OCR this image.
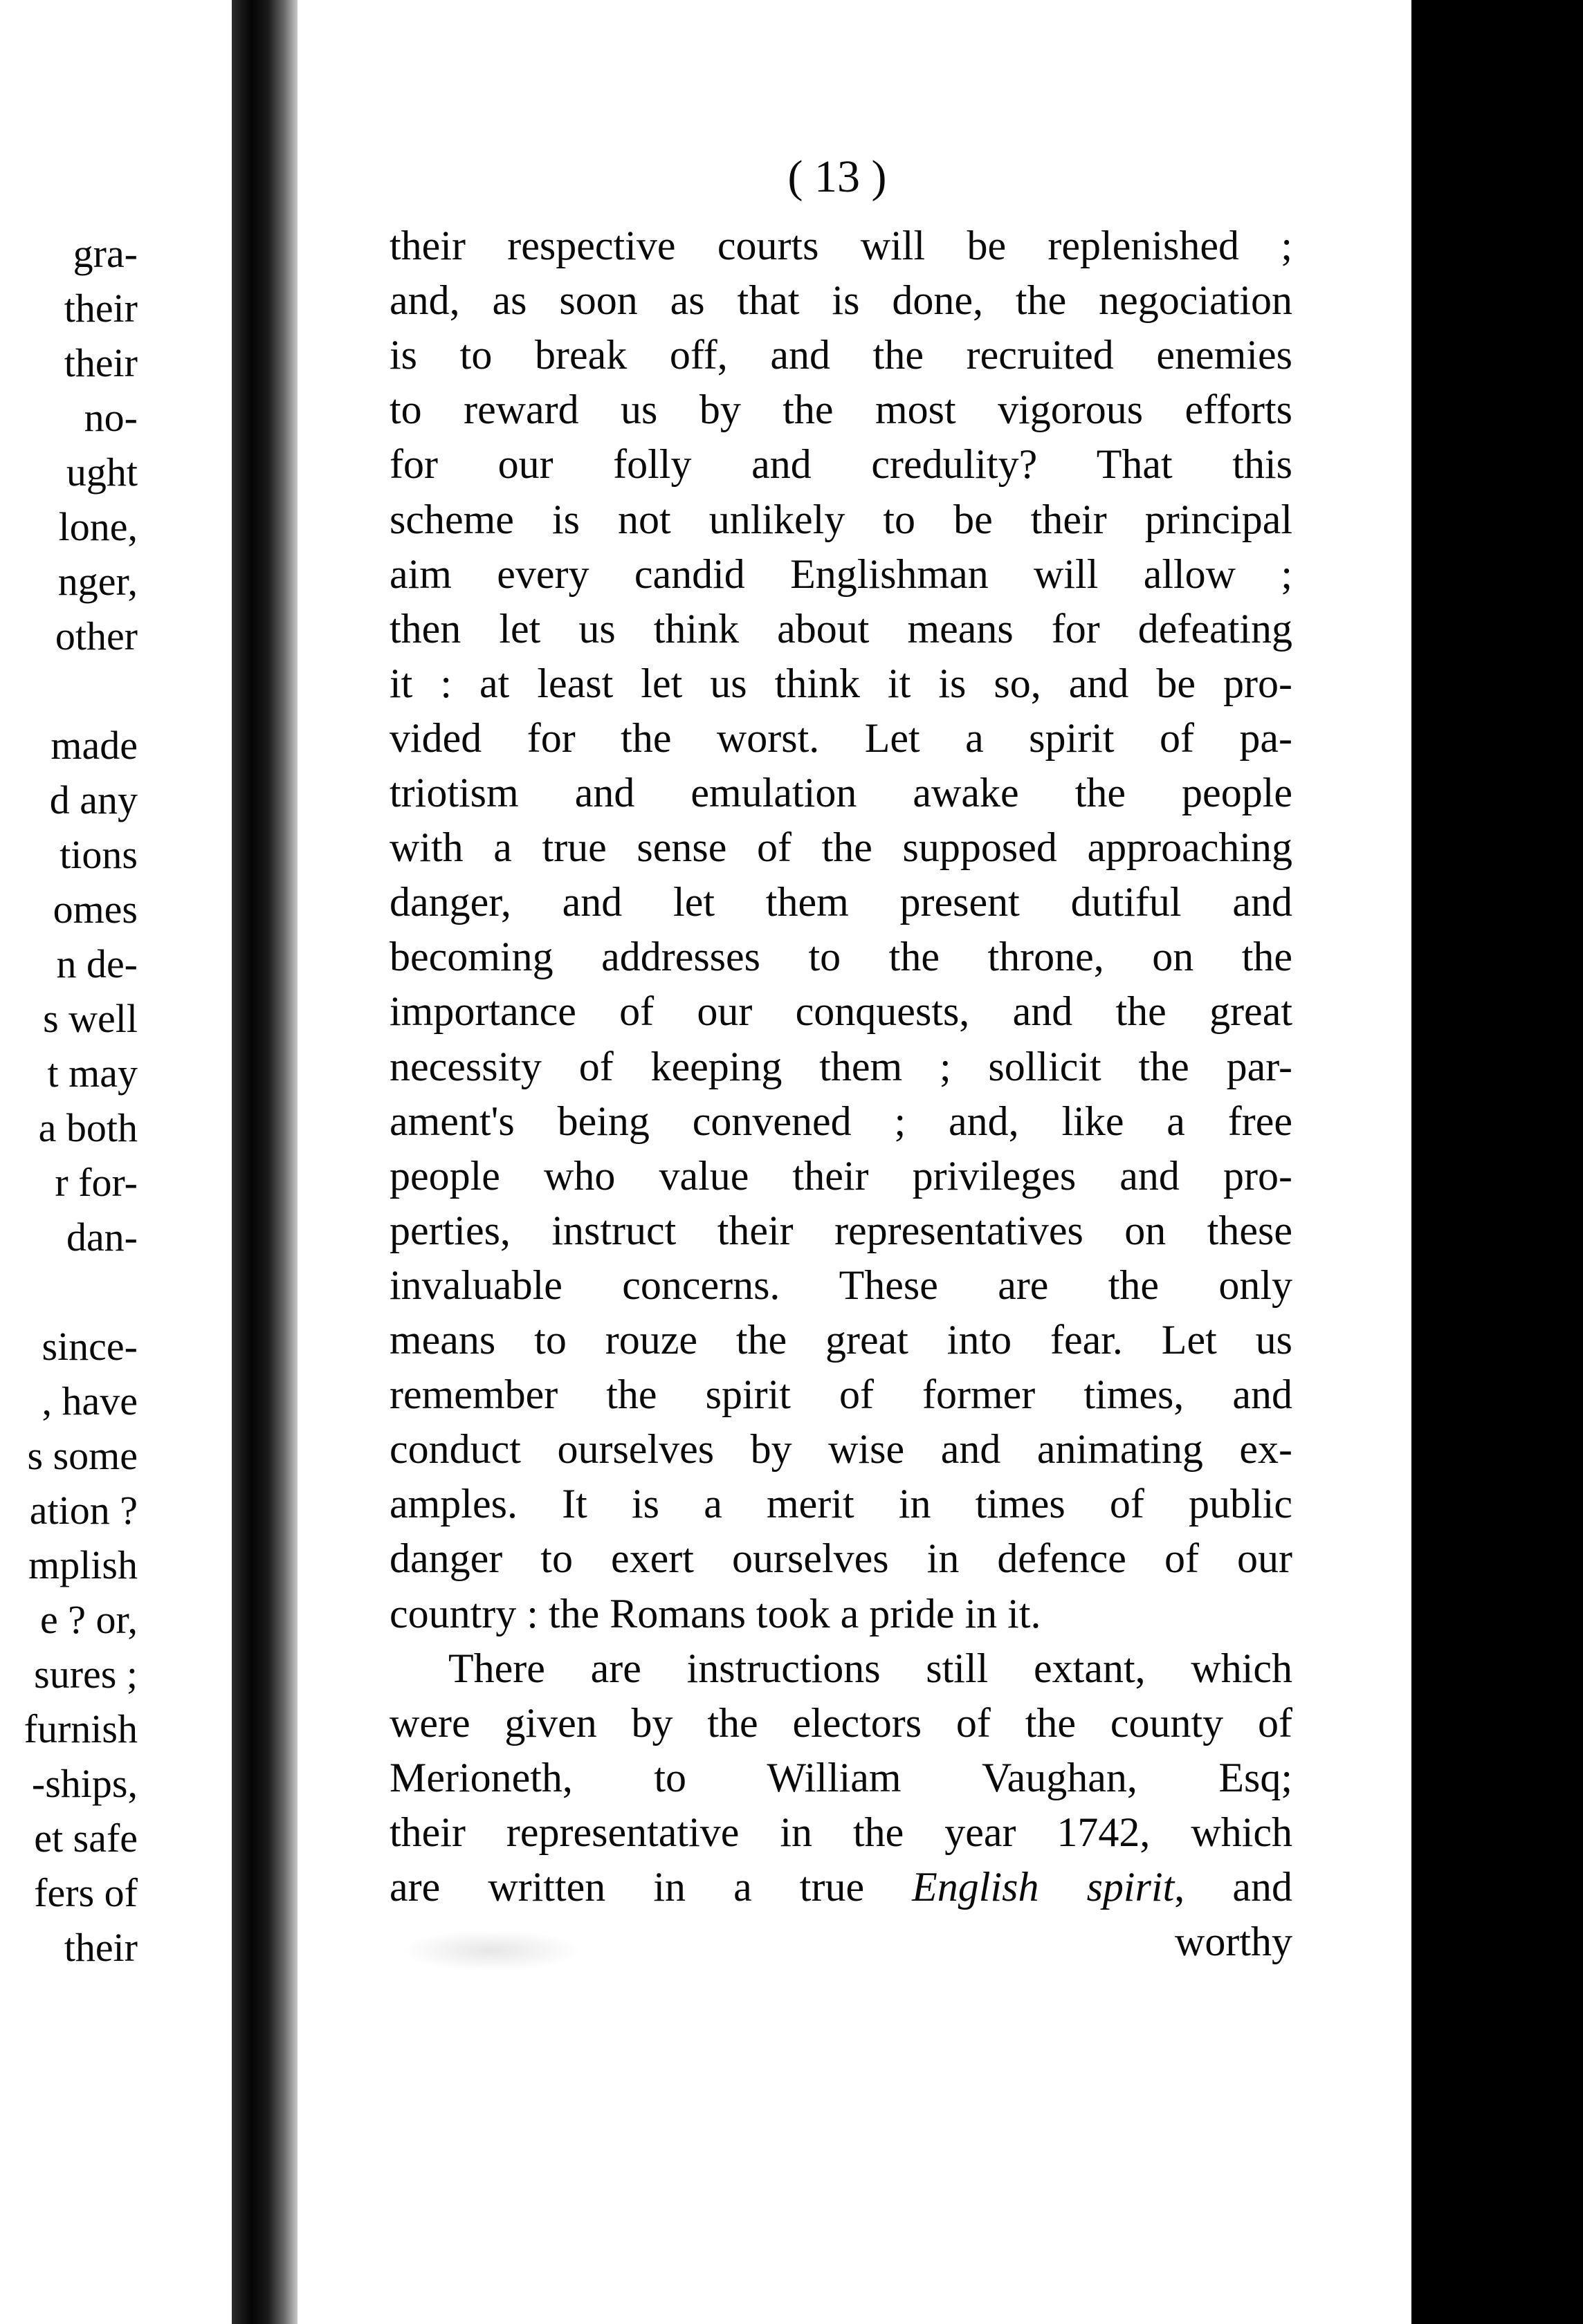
gra-
their
their
no-
ught
lone,
nger,
other
made
d any
tions
omes
n de-
s well
t may
a both
r for-
dan-
since-
, have
s some
ation ?
mplish
e ? or,
sures ;
furnish
-ships,
et safe
fers of
their
( 13 )
their respective courts will be replenished ;
and, as soon as that is done, the negociation
is to break off, and the recruited enemies
to reward us by the most vigorous efforts
for our folly and credulity? That this
scheme is not unlikely to be their principal
aim every candid Englishman will allow ;
then let us think about means for defeating
it : at least let us think it is so, and be pro-
vided for the worst. Let a spirit of pa-
triotism and emulation awake the people
with a true sense of the supposed approaching
danger, and let them present dutiful and
becoming addresses to the throne, on the
importance of our conquests, and the great
necessity of keeping them ; sollicit the par-
ament's being convened ; and, like a free
people who value their privileges and pro-
perties, instruct their representatives on these
invaluable concerns. These are the only
means to rouze the great into fear. Let us
remember the spirit of former times, and
conduct ourselves by wise and animating ex-
amples. It is a merit in times of public
danger to exert ourselves in defence of our
country : the Romans took a pride in it.
There are instructions still extant, which
were given by the electors of the county of
Merioneth, to William Vaughan, Esq;
their representative in the year 1742, which
are written in a true English spirit, and
worthy
